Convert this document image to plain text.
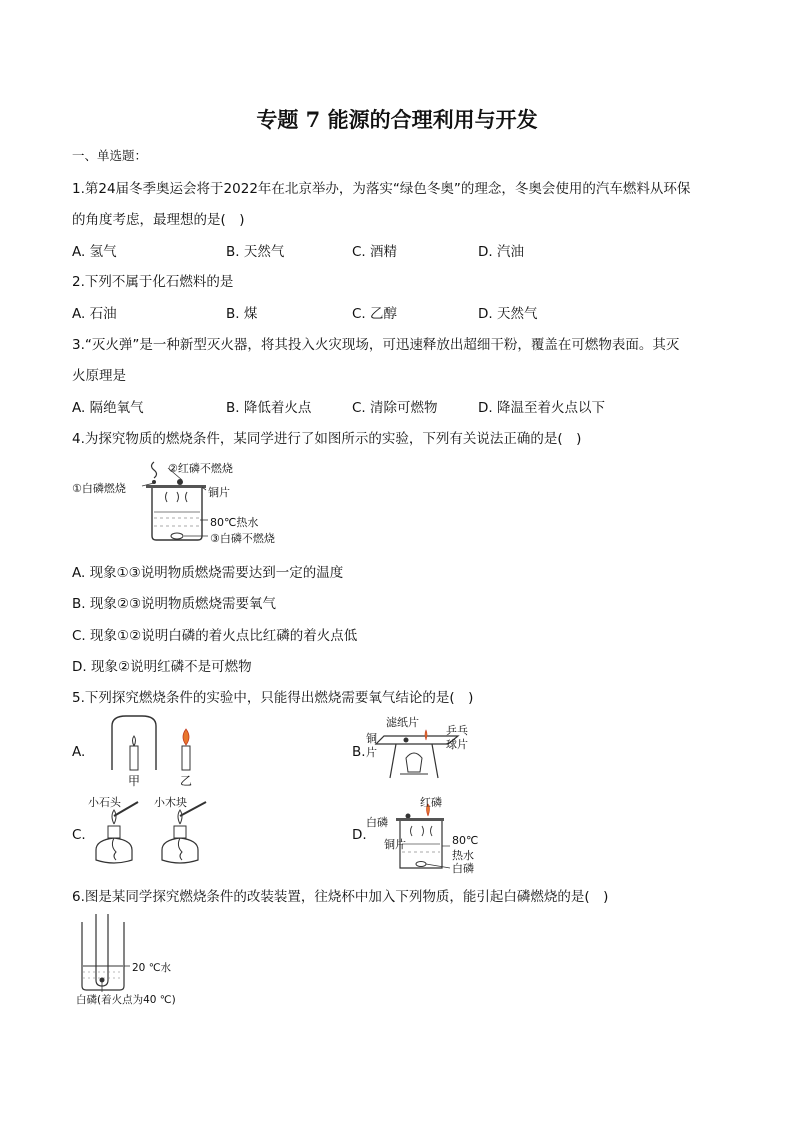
专题 7 能源的合理利用与开发
一、单选题：
1.第24届冬季奥运会将于2022年在北京举办，为落实“绿色冬奥”的理念，冬奥会使用的汽车燃料从环保
的角度考虑，最理想的是(　)
A. 氢气	B. 天然气	C. 酒精	D. 汽油
2.下列不属于化石燃料的是
A. 石油	B. 煤	C. 乙醇	D. 天然气
3.“灭火弹”是一种新型灭火器，将其投入火灾现场，可迅速释放出超细干粉，覆盖在可燃物表面。其灭
火原理是
A. 隔绝氧气	B. 降低着火点	C. 清除可燃物	D. 降温至着火点以下
4.为探究物质的燃烧条件，某同学进行了如图所示的实验，下列有关说法正确的是(　)
②红磷不燃烧
①白磷燃烧	铜片
80℃热水
③白磷不燃烧
A. 现象①③说明物质燃烧需要达到一定的温度
B. 现象②③说明物质燃烧需要氧气
C. 现象①②说明白磷的着火点比红磷的着火点低
D. 现象②说明红磷不是可燃物
5.下列探究燃烧条件的实验中，只能得出燃烧需要氧气结论的是(　)
A.
甲	乙
B.
滤纸片
乒乓
球片
铜
片
C.
小石头	小木块
D.
红磷
白磷
铜片	80℃
热水
白磷
6.图是某同学探究燃烧条件的改装装置，往烧杯中加入下列物质，能引起白磷燃烧的是(　)
20 ℃水
白磷(着火点为40 ℃)
